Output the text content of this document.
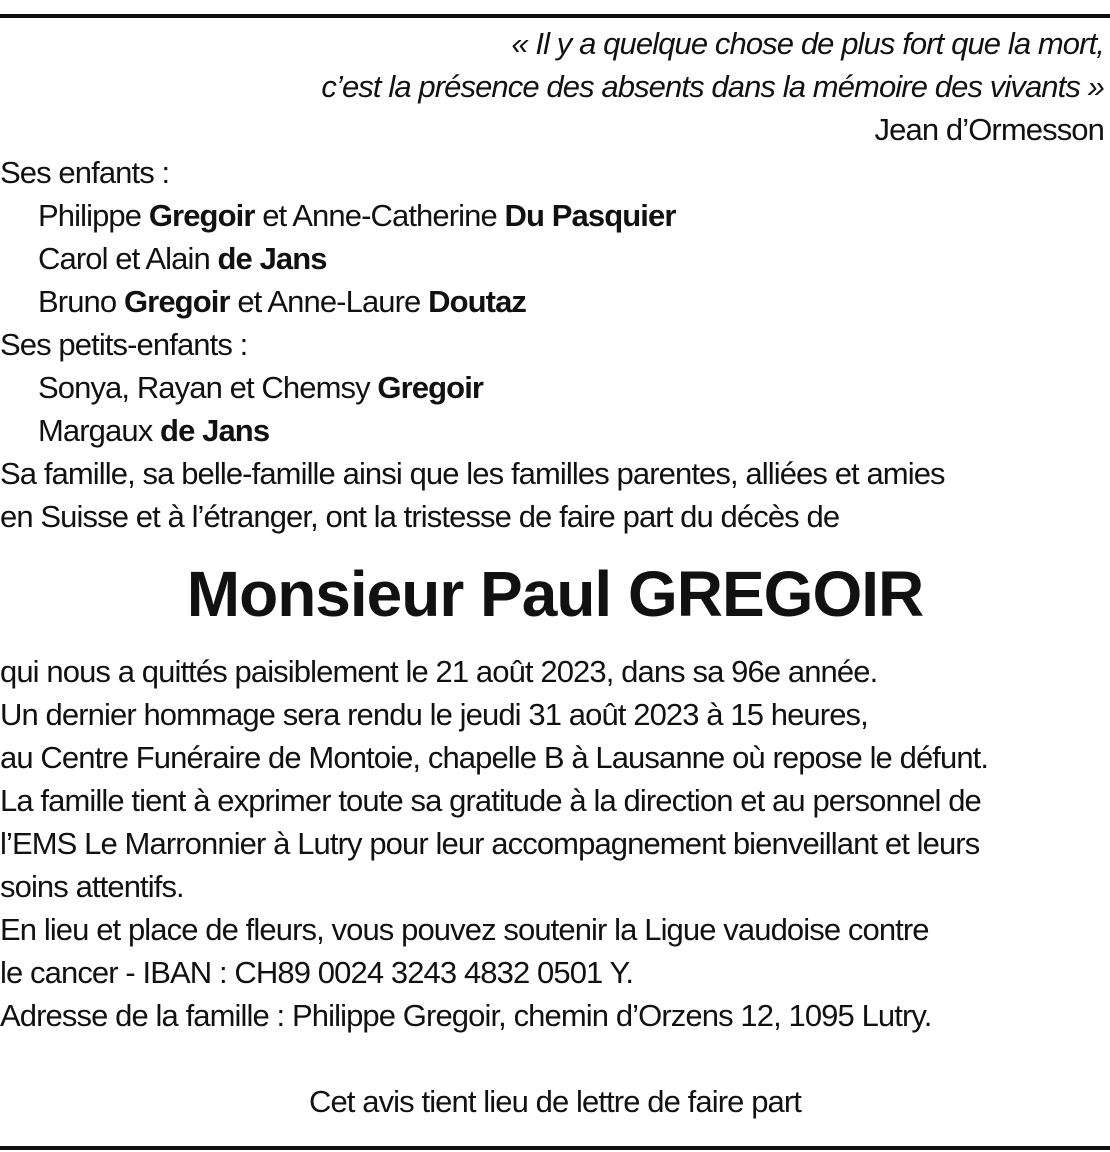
« Il y a quelque chose de plus fort que la mort,
c’est la présence des absents dans la mémoire des vivants »
Jean d’Ormesson
Ses enfants :
Philippe Gregoir et Anne-Catherine Du Pasquier
Carol et Alain de Jans
Bruno Gregoir et Anne-Laure Doutaz
Ses petits-enfants :
Sonya, Rayan et Chemsy Gregoir
Margaux de Jans
Sa famille, sa belle-famille ainsi que les familles parentes, alliées et amies
en Suisse et à l’étranger, ont la tristesse de faire part du décès de
Monsieur Paul GREGOIR
qui nous a quittés paisiblement le 21 août 2023, dans sa 96e année.
Un dernier hommage sera rendu le jeudi 31 août 2023 à 15 heures,
au Centre Funéraire de Montoie, chapelle B à Lausanne où repose le défunt.
La famille tient à exprimer toute sa gratitude à la direction et au personnel de
l’EMS Le Marronnier à Lutry pour leur accompagnement bienveillant et leurs
soins attentifs.
En lieu et place de fleurs, vous pouvez soutenir la Ligue vaudoise contre
le cancer - IBAN : CH89 0024 3243 4832 0501 Y.
Adresse de la famille : Philippe Gregoir, chemin d’Orzens 12, 1095 Lutry.
Cet avis tient lieu de lettre de faire part
